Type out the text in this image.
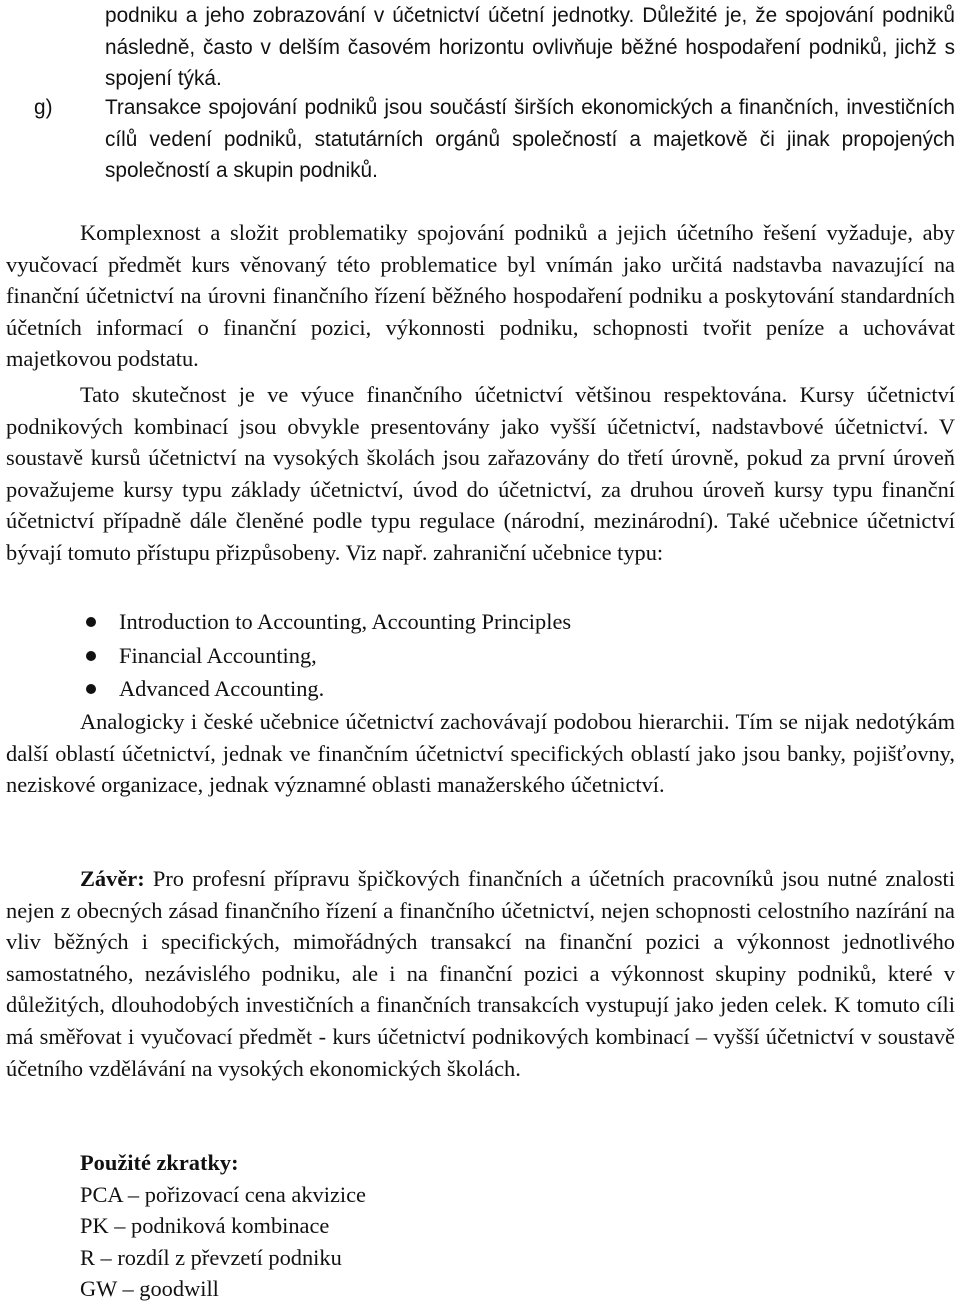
podniku a jeho zobrazování v účetnictví účetní jednotky. Důležité je, že spojování podniků následně, často v delším časovém horizontu ovlivňuje běžné hospodaření podniků, jichž s spojení týká.

g)	Transakce spojování podniků jsou součástí širších ekonomických a finančních, investičních cílů vedení podniků, statutárních orgánů společností a majetkově či jinak propojených společností a skupin podniků.

Komplexnost a složit problematiky spojování podniků a jejich účetního řešení vyžaduje, aby vyučovací předmět kurs věnovaný této problematice byl vnímán jako určitá nadstavba navazující na finanční účetnictví na úrovni finančního řízení běžného hospodaření podniku a poskytování standardních účetních informací o finanční pozici, výkonnosti podniku, schopnosti tvořit peníze a uchovávat majetkovou podstatu.

Tato skutečnost je ve výuce finančního účetnictví většinou respektována. Kursy účetnictví podnikových kombinací jsou obvykle presentovány jako vyšší účetnictví, nadstavbové účetnictví. V soustavě kursů účetnictví na vysokých školách jsou zařazovány do třetí úrovně, pokud za první úroveň považujeme kursy typu základy účetnictví, úvod do účetnictví, za druhou úroveň kursy typu finanční účetnictví případně dále členěné podle typu regulace (národní, mezinárodní). Také učebnice účetnictví bývají tomuto přístupu přizpůsobeny. Viz např. zahraniční učebnice typu:

Introduction to Accounting, Accounting Principles
Financial Accounting,
Advanced Accounting.

Analogicky i české učebnice účetnictví zachovávají podobou hierarchii. Tím se nijak nedotýkám další oblastí účetnictví, jednak ve finančním účetnictví specifických oblastí jako jsou banky, pojišťovny, neziskové organizace, jednak významné oblasti manažerského účetnictví.

Závěr: Pro profesní přípravu špičkových finančních a účetních pracovníků jsou nutné znalosti nejen z obecných zásad finančního řízení a finančního účetnictví, nejen schopnosti celostního nazírání na vliv běžných i specifických, mimořádných transakcí na finanční pozici a výkonnost jednotlivého samostatného, nezávislého podniku, ale i na finanční pozici a výkonnost skupiny podniků, které v důležitých, dlouhodobých investičních a finančních transakcích vystupují jako jeden celek. K tomuto cíli má směřovat i vyučovací předmět - kurs účetnictví podnikových kombinací – vyšší účetnictví v soustavě účetního vzdělávání na vysokých ekonomických školách.

Použité zkratky:

PCA – pořizovací cena akvizice

PK – podniková kombinace

R – rozdíl z převzetí podniku

GW – goodwill
